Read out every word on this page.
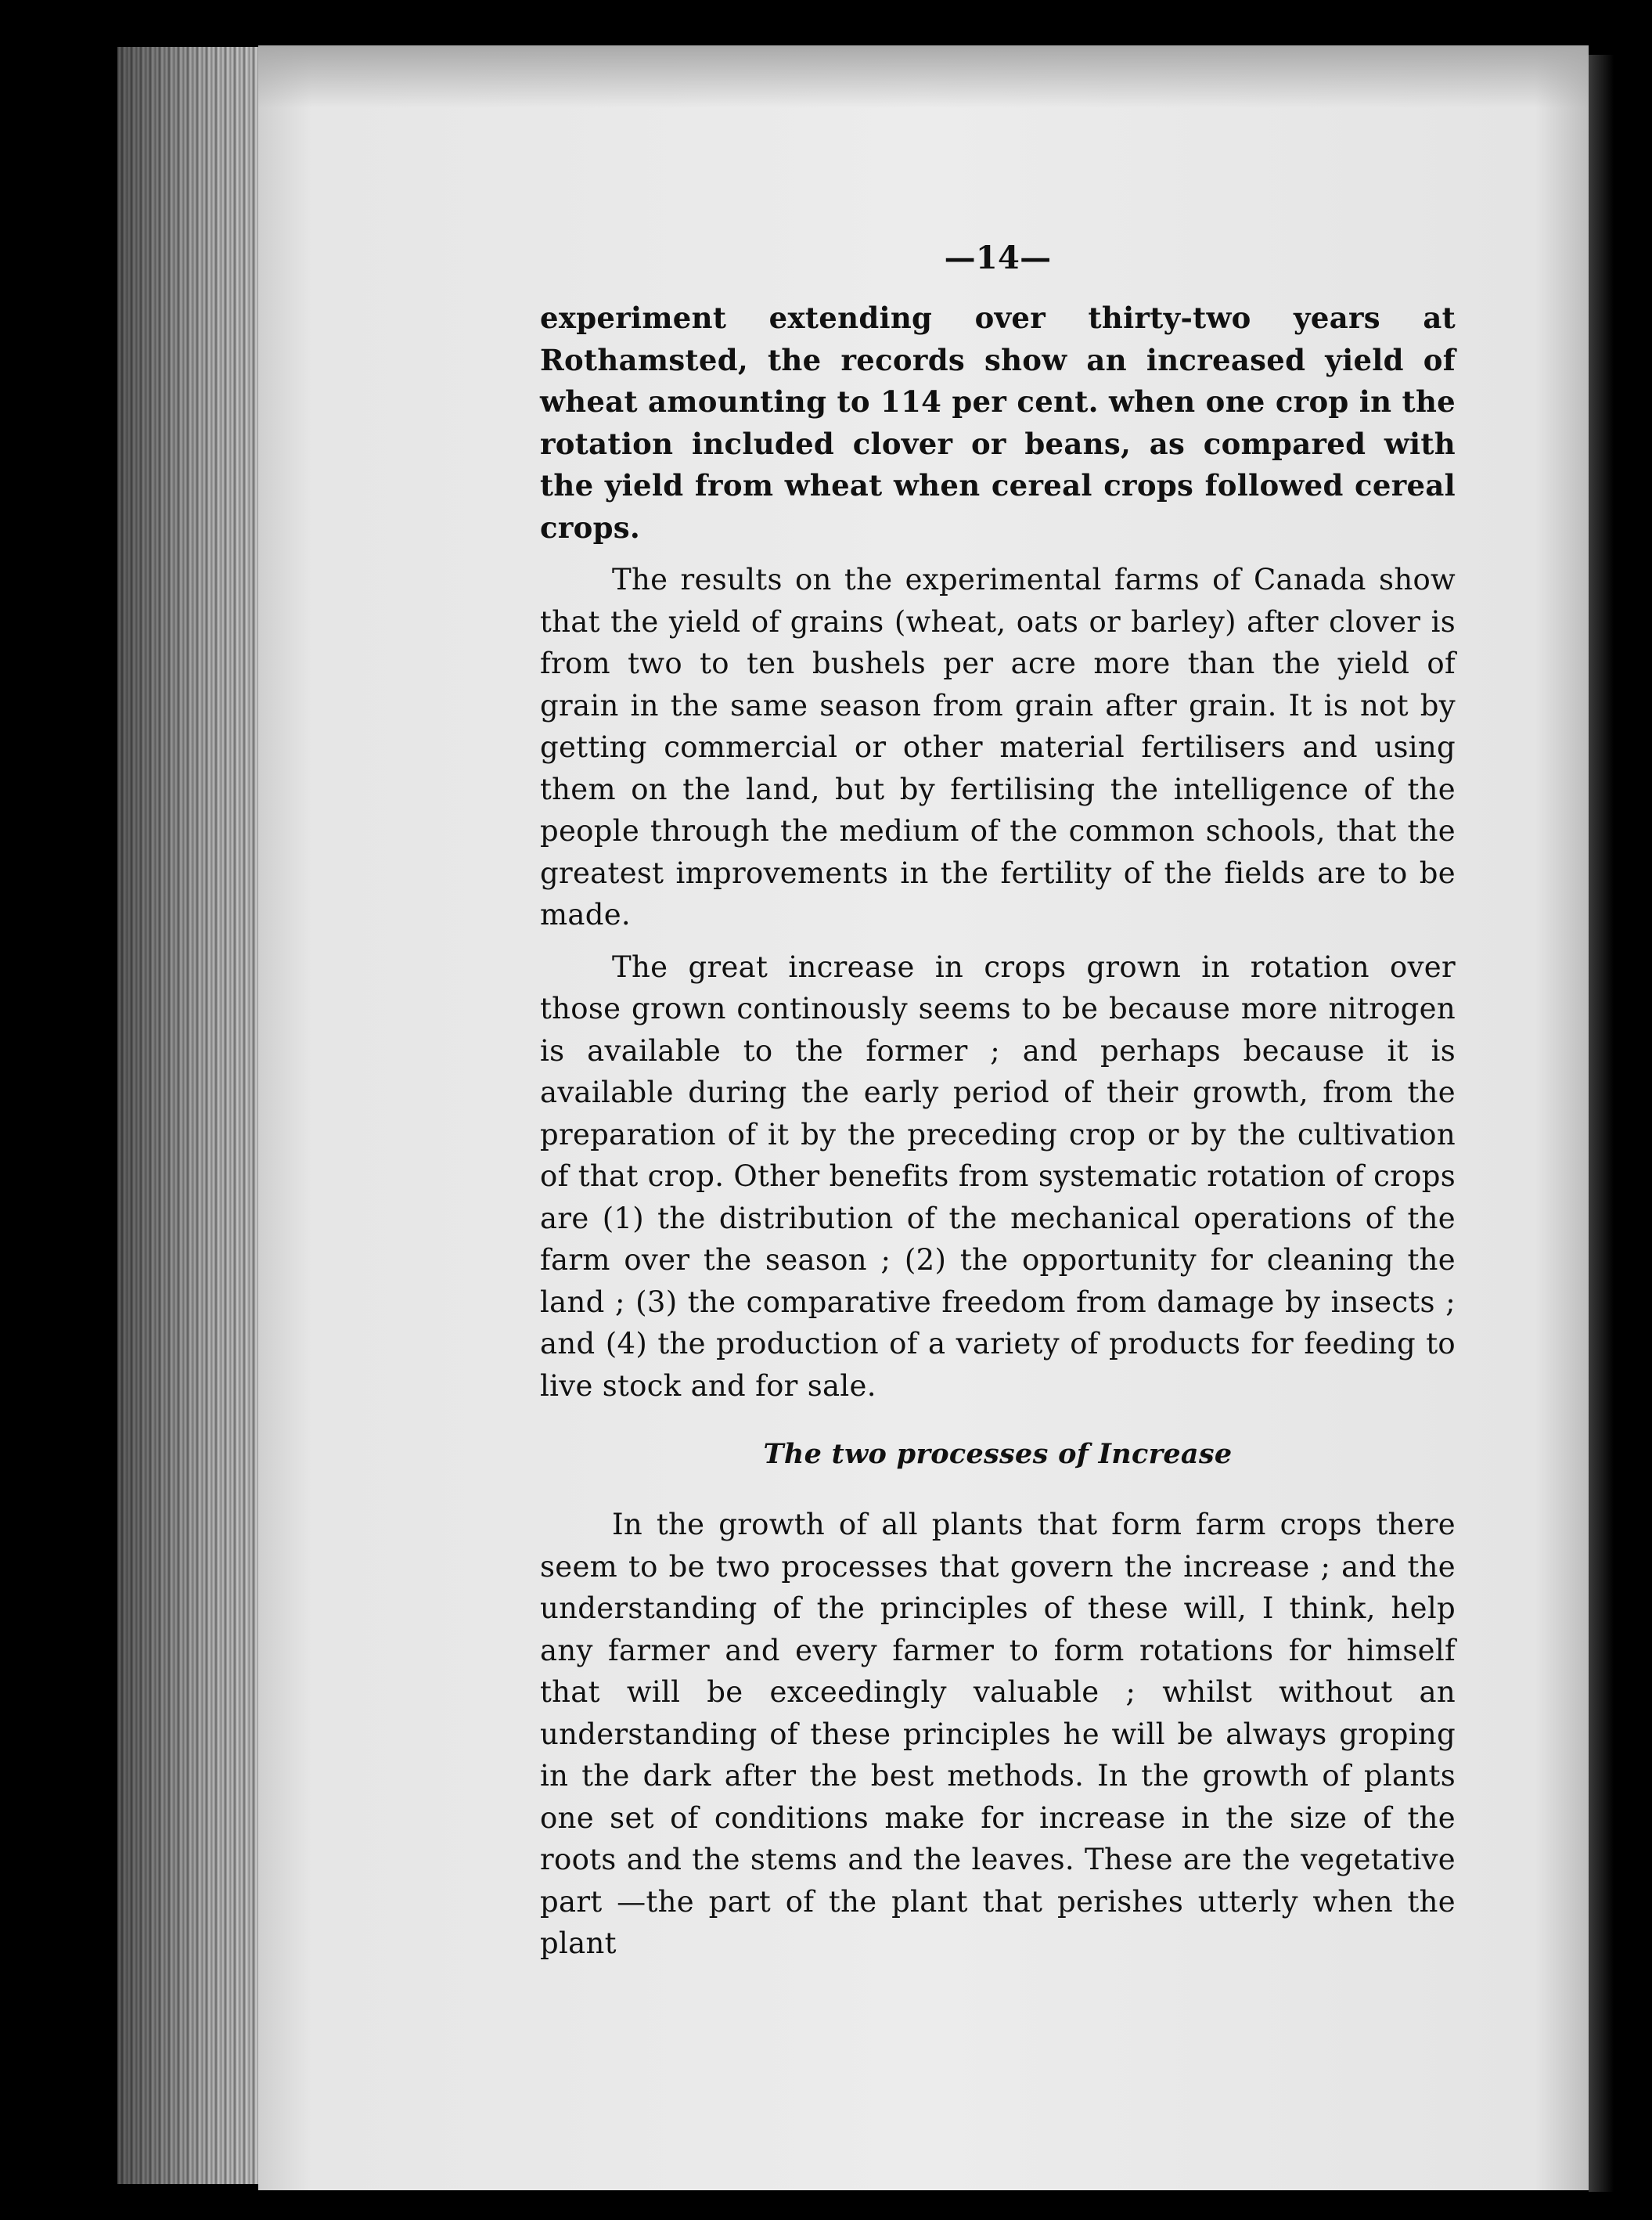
—14—

experiment extending over thirty-two years at Rothamsted, the records show an increased yield of wheat amounting to 114 per cent. when one crop in the rotation included clover or beans, as compared with the yield from wheat when cereal crops followed cereal crops.

The results on the experimental farms of Canada show that the yield of grains (wheat, oats or barley) after clover is from two to ten bushels per acre more than the yield of grain in the same season from grain after grain. It is not by getting commercial or other material fertilisers and using them on the land, but by fertilising the intelligence of the people through the medium of the common schools, that the greatest improvements in the fertility of the fields are to be made.

The great increase in crops grown in rotation over those grown continously seems to be because more nitrogen is available to the former ; and perhaps because it is available during the early period of their growth, from the preparation of it by the preceding crop or by the cultivation of that crop. Other benefits from systematic rotation of crops are (1) the distribution of the mechanical operations of the farm over the season ; (2) the opportunity for cleaning the land ; (3) the comparative freedom from damage by insects ; and (4) the production of a variety of products for feeding to live stock and for sale.

The two processes of Increase

In the growth of all plants that form farm crops there seem to be two processes that govern the increase ; and the understanding of the principles of these will, I think, help any farmer and every farmer to form rotations for himself that will be exceedingly valuable ; whilst without an understanding of these principles he will be always groping in the dark after the best methods. In the growth of plants one set of conditions make for increase in the size of the roots and the stems and the leaves. These are the vegetative part —the part of the plant that perishes utterly when the plant
